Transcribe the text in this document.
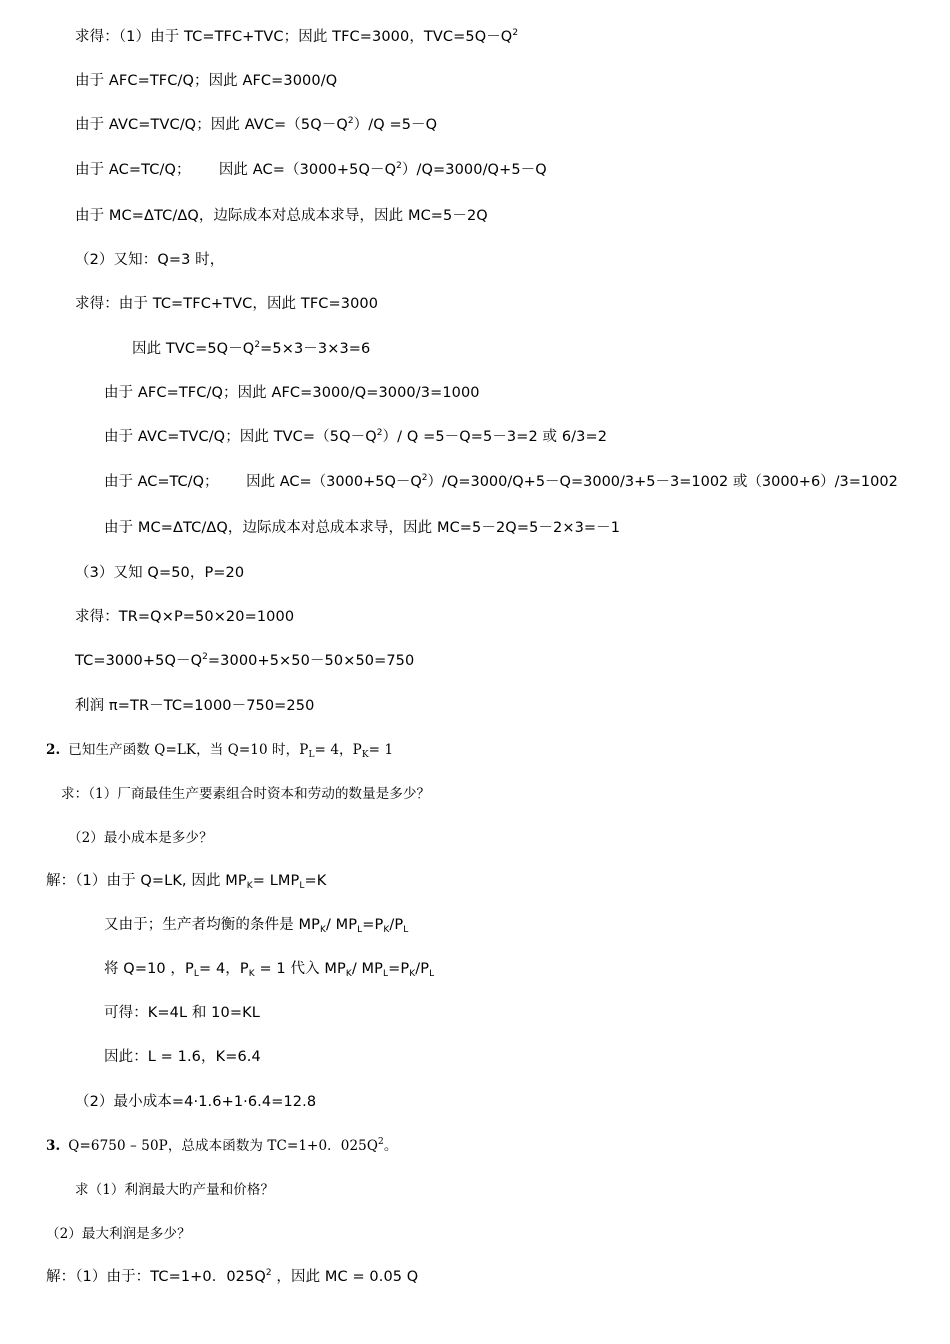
求得：（1）由于 TC=TFC+TVC；因此 TFC=3000，$TVC=5Q-Q^2$
由于 AFC=TFC/Q；因此 AFC=3000/Q
由于 AVC=TVC/Q；因此 $AVC=(5Q-Q^2)/Q =5-Q$
由于 AC=TC/Q；      因此 $AC=(3000+5Q-Q^2)/Q=3000/Q+5-Q$
由于 MC=ΔTC/ΔQ，边际成本对总成本求导，因此 MC=5－2Q
（2）又知：Q=3 时，
求得：由于 TC=TFC+TVC，因此 TFC=3000
因此 $TVC=5Q-Q^2=5\times 3-3\times 3=6$
由于 AFC=TFC/Q；因此 AFC=3000/Q=3000/3=1000
由于 AVC=TVC/Q；因此 $TVC=(5Q-Q^2)/$ Q =5－Q=5－3=2 或 6/3=2
由于 AC=TC/Q；      因此 $AC=(3000+5Q-Q^2)/Q=3000/Q+5-Q=3000/3+5-3=1002$ 或（3000+6）/3=1002
由于 MC=ΔTC/ΔQ，边际成本对总成本求导，因此 MC=5－2Q=5－2×3=－1
（3）又知 Q=50，P=20
求得：TR=Q×P=50×20=1000
$TC=3000+5Q-Q^2=3000+5\times 50-50\times 50=750$
利润 π=TR－TC=1000－750=250
2. 已知生产函数 Q=LK，当 Q=10 时，$P_L= 4$，$P_K= 1$
求：（1）厂商最佳生产要素组合时资本和劳动的数量是多少？
（2）最小成本是多少？
解：（1）由于 Q=LK, 因此 $MP_K= LMP_L=K$
又由于；生产者均衡的条件是 $MP_K/$ $MP_L=P_K/P_L$
将 Q=10 ，$P_L= 4$，$P_K = 1$ 代入 $MP_K/$ $MP_L=P_K/P_L$
可得：K=4L 和 10=KL
因此：L = 1.6，K=6.4
（2）最小成本=4·1.6+1·6.4=12.8
3. Q=6750 – 50P，总成本函数为 TC=1+0．$025Q^2$。
求（1）利润最大旳产量和价格？
（2）最大利润是多少？
解：（1）由于：TC=1+0．$025Q^2$ ，因此 MC = 0.05 Q
